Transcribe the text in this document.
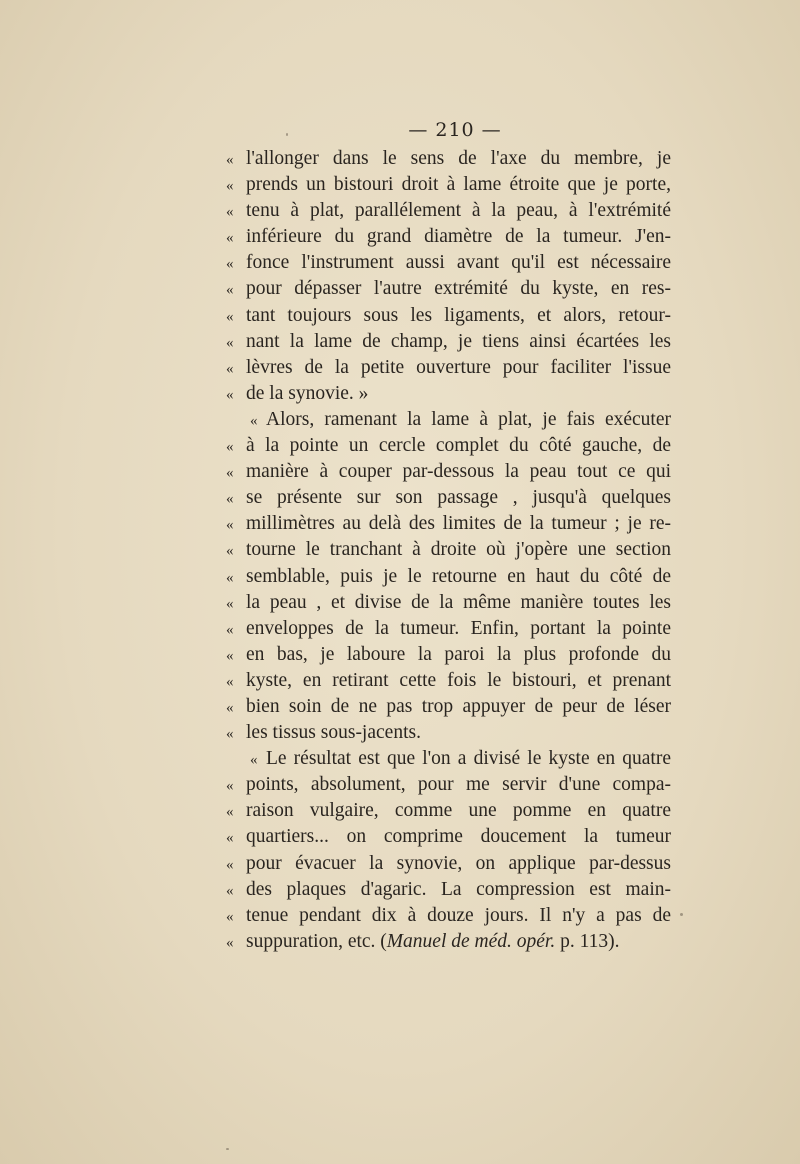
— 210 —
« l'allonger dans le sens de l'axe du membre, je
« prends un bistouri droit à lame étroite que je porte,
« tenu à plat, parallélement à la peau, à l'extrémité
« inférieure du grand diamètre de la tumeur. J'en-
« fonce l'instrument aussi avant qu'il est nécessaire
« pour dépasser l'autre extrémité du kyste, en res-
« tant toujours sous les ligaments, et alors, retour-
« nant la lame de champ, je tiens ainsi écartées les
« lèvres de la petite ouverture pour faciliter l'issue
« de la synovie. »
« Alors, ramenant la lame à plat, je fais exécuter
« à la pointe un cercle complet du côté gauche, de
« manière à couper par-dessous la peau tout ce qui
« se présente sur son passage , jusqu'à quelques
« millimètres au delà des limites de la tumeur ; je re-
« tourne le tranchant à droite où j'opère une section
« semblable, puis je le retourne en haut du côté de
« la peau , et divise de la même manière toutes les
« enveloppes de la tumeur. Enfin, portant la pointe
« en bas, je laboure la paroi la plus profonde du
« kyste, en retirant cette fois le bistouri, et prenant
« bien soin de ne pas trop appuyer de peur de léser
« les tissus sous-jacents.
« Le résultat est que l'on a divisé le kyste en quatre
« points, absolument, pour me servir d'une compa-
« raison vulgaire, comme une pomme en quatre
« quartiers... on comprime doucement la tumeur
« pour évacuer la synovie, on applique par-dessus
« des plaques d'agaric. La compression est main-
« tenue pendant dix à douze jours. Il n'y a pas de
« suppuration, etc. (Manuel de méd. opér. p. 113).
